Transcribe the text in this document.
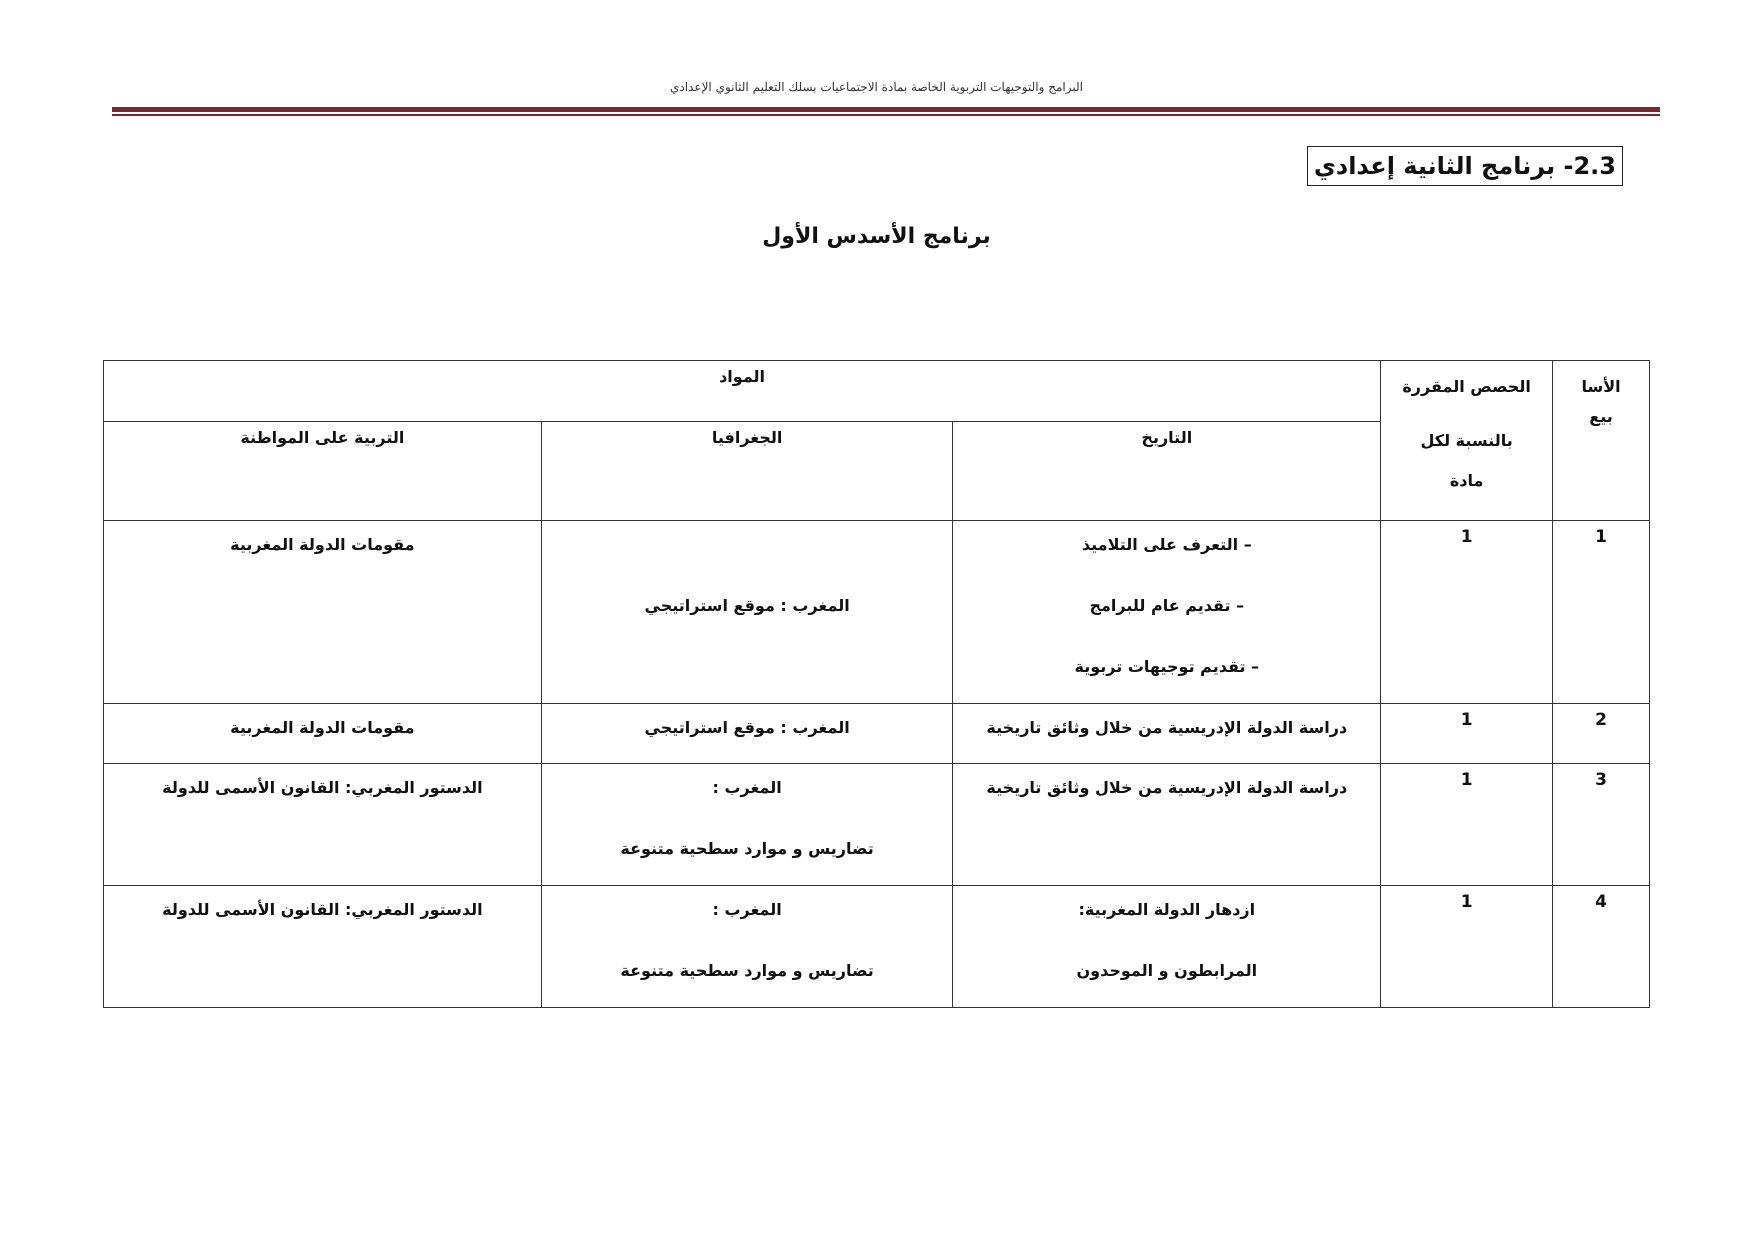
البرامج والتوجيهات التربوية الخاصة بمادة الاجتماعيات بسلك التعليم الثانوي الإعدادي
2.3- برنامج الثانية إعدادي
برنامج الأسدس الأول
الأسا
بيع	الحصص المقررة
بالنسبة لكل
مادة	المواد		
		التاريخ	الجغرافيا	التربية على المواطنة
1	1	– التعرف على التلاميذ
– تقديم عام للبرامج
– تقديم توجيهات تربوية	المغرب : موقع استراتيجي	مقومات الدولة المغربية

2	1	دراسة الدولة الإدريسية من خلال وثائق تاريخية	المغرب : موقع استراتيجي	مقومات الدولة المغربية

3	1	دراسة الدولة الإدريسية من خلال وثائق تاريخية	المغرب :
تضاريس و موارد سطحية متنوعة	الدستور المغربي: القانون الأسمى للدولة

4	1	ازدهار الدولة المغربية:
المرابطون و الموحدون	المغرب :
تضاريس و موارد سطحية متنوعة	الدستور المغربي: القانون الأسمى للدولة
